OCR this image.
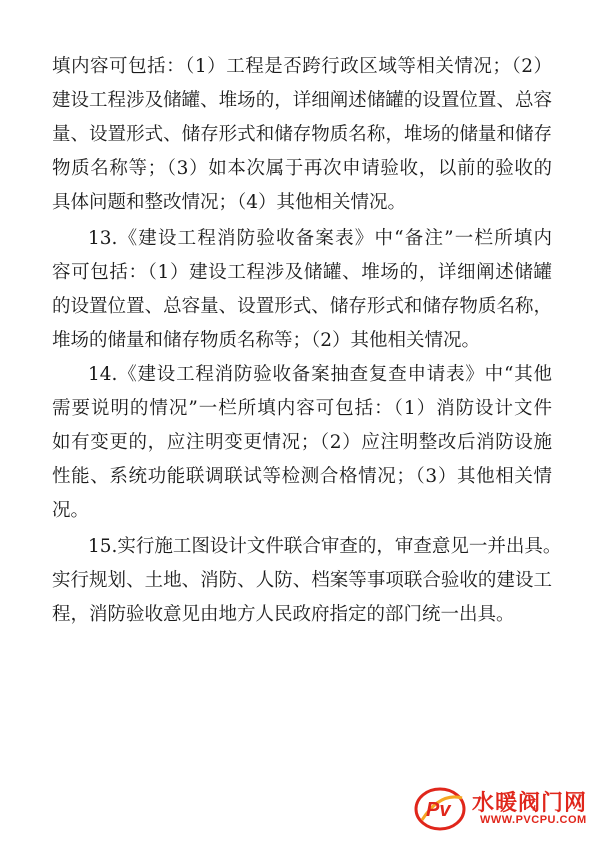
填内容可包括：（1）工程是否跨行政区域等相关情况；（2）
建设工程涉及储罐、堆场的，详细阐述储罐的设置位置、总容
量、设置形式、储存形式和储存物质名称，堆场的储量和储存
物质名称等；（3）如本次属于再次申请验收，以前的验收的
具体问题和整改情况；（4）其他相关情况。
13.《建设工程消防验收备案表》中“备注”一栏所填内
容可包括：（1）建设工程涉及储罐、堆场的，详细阐述储罐
的设置位置、总容量、设置形式、储存形式和储存物质名称，
堆场的储量和储存物质名称等；（2）其他相关情况。
14.《建设工程消防验收备案抽查复查申请表》中“其他
需要说明的情况”一栏所填内容可包括：（1）消防设计文件
如有变更的，应注明变更情况；（2）应注明整改后消防设施
性能、系统功能联调联试等检测合格情况；（3）其他相关情
况。
15.实行施工图设计文件联合审查的，审查意见一并出具。
实行规划、土地、消防、人防、档案等事项联合验收的建设工
程，消防验收意见由地方人民政府指定的部门统一出具。
Pv 水暖阀门网
WWW.PVCPU.COM
